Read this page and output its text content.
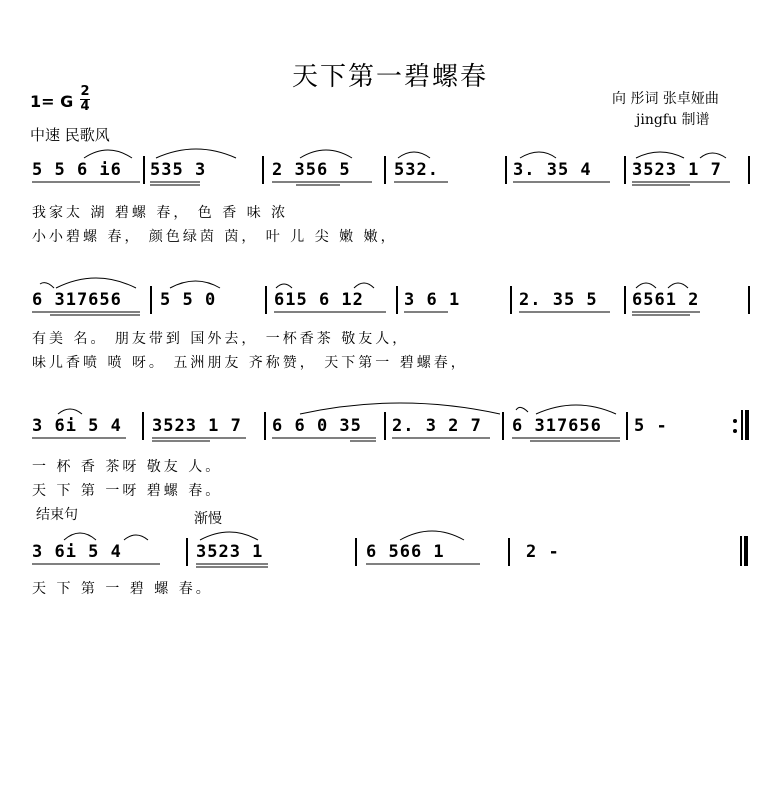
天下第一碧螺春
向 彤词 张卓娅曲
jingfu 制谱
1= G
2
4
中速 民歌风
结束句	渐慢
5 5 6 i6 535 3	2 356 5	532.	3. 35 4 3523 1 7
我家太 湖 碧螺 春， 色 香 味 浓
小小碧螺 春， 颜色绿茵 茵， 叶 儿 尖 嫩 嫩，
6 317656 5 5 0	615 6 12 3 6 1	2. 35 5 6561 2
有美 名。 朋友带到 国外去， 一杯香茶 敬友人，
味儿香喷 喷 呀。 五洲朋友 齐称赞， 天下第一 碧螺春，
3 6i 5 4 3523 1 7 6 6 0 35 2. 3 2 7 6 317656 5 -
一 杯 香 茶呀 敬友 人。
天 下 第 一呀 碧螺 春。
3 6i 5 4	3523 1	6 566 1	2 -
天 下 第 一 碧 螺 春。
